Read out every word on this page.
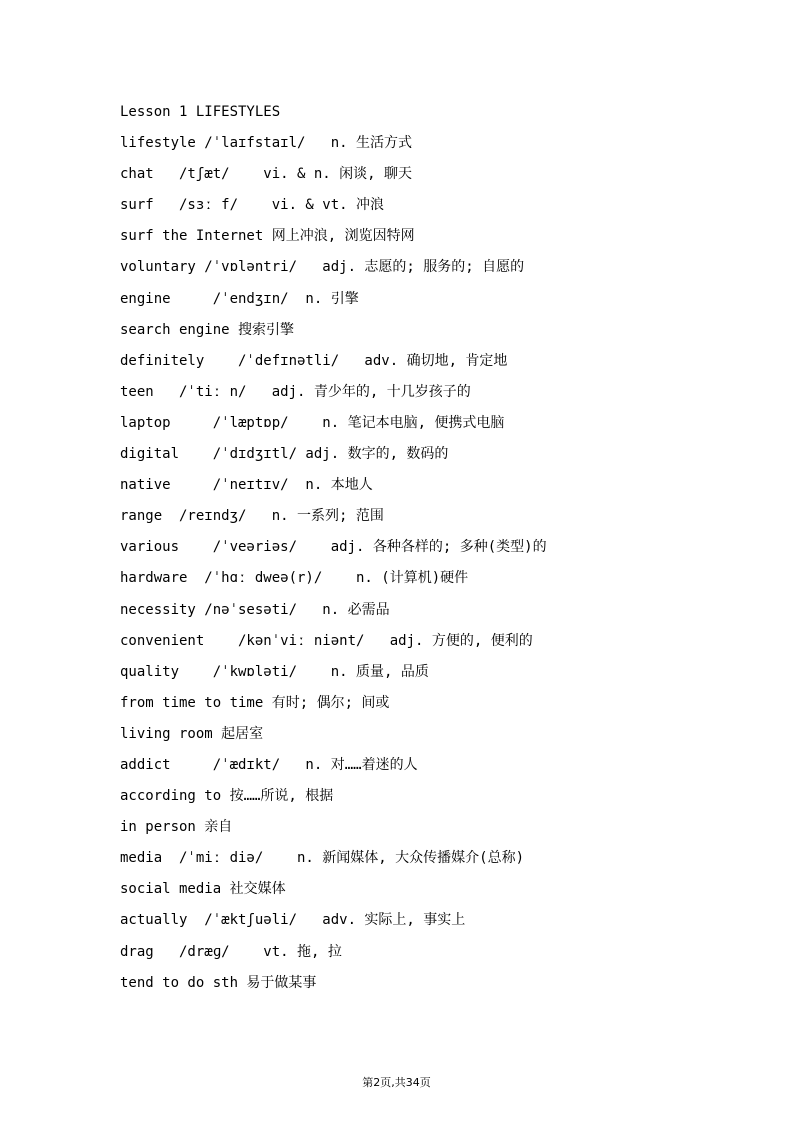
Lesson 1 LIFESTYLES
lifestyle /ˈlaɪfstaɪl/   n. 生活方式
chat   /tʃæt/    vi. & n. 闲谈, 聊天
surf   /sɜː f/    vi. & vt. 冲浪
surf the Internet 网上冲浪, 浏览因特网
voluntary /ˈvɒləntri/   adj. 志愿的; 服务的; 自愿的
engine     /ˈendʒɪn/  n. 引擎
search engine 搜索引擎
definitely    /ˈdefɪnətli/   adv. 确切地, 肯定地
teen   /ˈtiː n/   adj. 青少年的, 十几岁孩子的
laptop     /ˈlæptɒp/    n. 笔记本电脑, 便携式电脑
digital    /ˈdɪdʒɪtl/ adj. 数字的, 数码的
native     /ˈneɪtɪv/  n. 本地人
range  /reɪndʒ/   n. 一系列; 范围
various    /ˈveəriəs/    adj. 各种各样的; 多种(类型)的
hardware  /ˈhɑː dweə(r)/    n. (计算机)硬件
necessity /nəˈsesəti/   n. 必需品
convenient    /kənˈviː niənt/   adj. 方便的, 便利的
quality    /ˈkwɒləti/    n. 质量, 品质
from time to time 有时; 偶尔; 间或
living room 起居室
addict     /ˈædɪkt/   n. 对……着迷的人
according to 按……所说, 根据
in person 亲自
media  /ˈmiː diə/    n. 新闻媒体, 大众传播媒介(总称)
social media 社交媒体
actually  /ˈæktʃuəli/   adv. 实际上, 事实上
drag   /dræɡ/    vt. 拖, 拉
tend to do sth 易于做某事
第2页,共34页
